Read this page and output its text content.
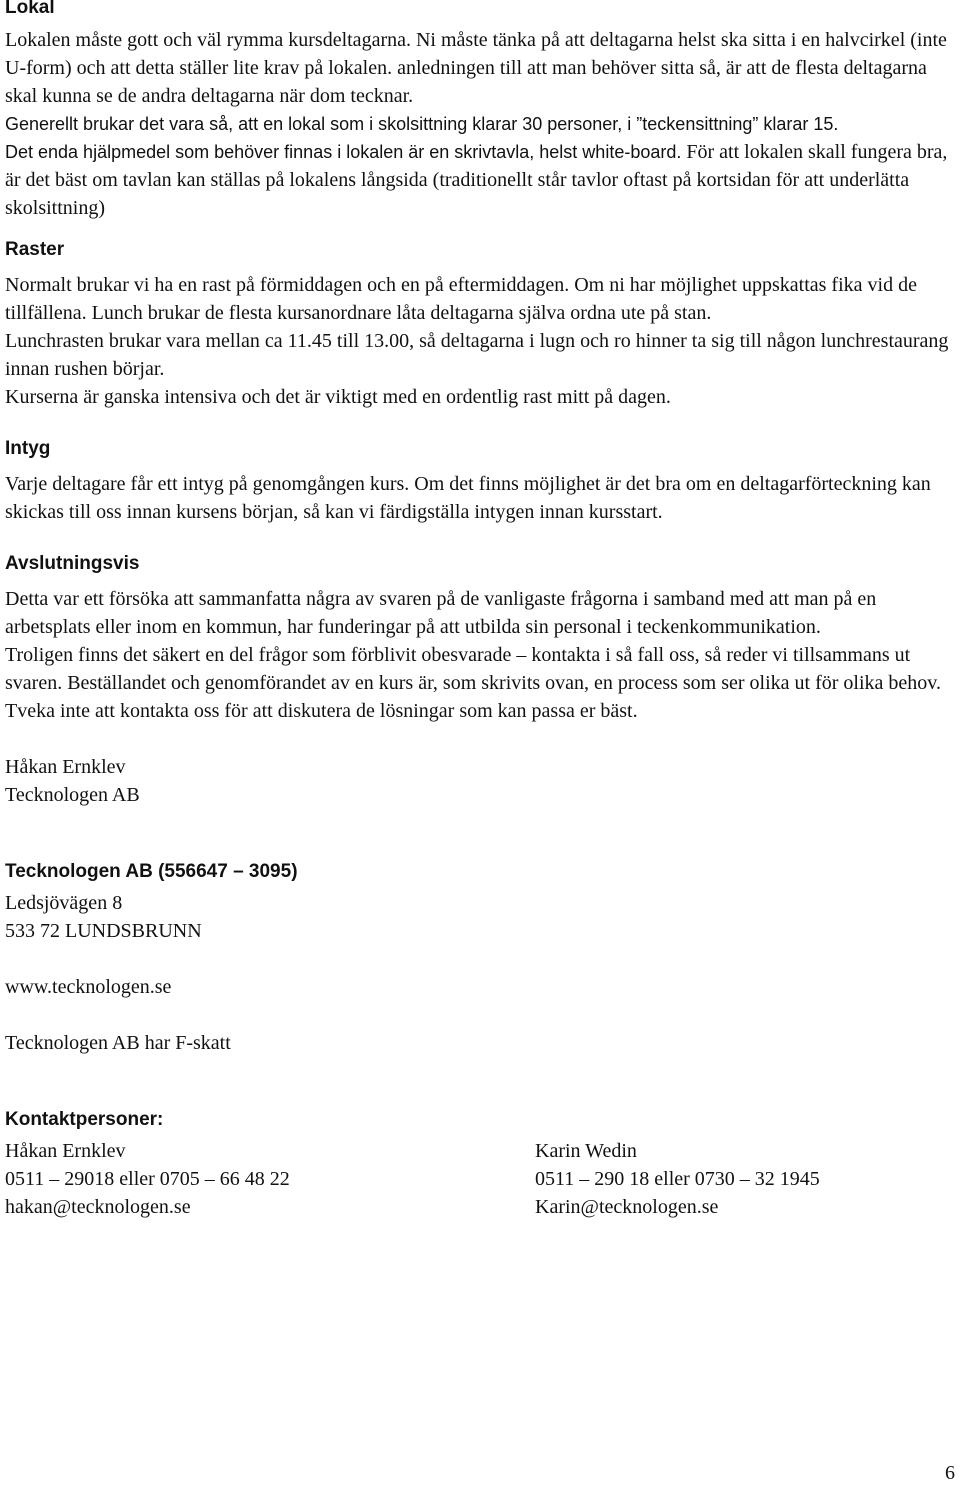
Lokal

Lokalen måste gott och väl rymma kursdeltagarna. Ni måste tänka på att deltagarna helst ska sitta i en halvcirkel (inte U-form) och att detta ställer lite krav på lokalen. anledningen till att man behöver sitta så, är att de flesta deltagarna skal kunna se de andra deltagarna när dom tecknar.

Generellt brukar det vara så, att en lokal som i skolsittning klarar 30 personer, i ”teckensittning” klarar 15.

Det enda hjälpmedel som behöver finnas i lokalen är en skrivtavla, helst white-board. För att lokalen skall fungera bra, är det bäst om tavlan kan ställas på lokalens långsida (traditionellt står tavlor oftast på kortsidan för att underlätta skolsittning)

Raster

Normalt brukar vi ha en rast på förmiddagen och en på eftermiddagen. Om ni har möjlighet uppskattas fika vid de tillfällena. Lunch brukar de flesta kursanordnare låta deltagarna själva ordna ute på stan.

Lunchrasten brukar vara mellan ca 11.45 till 13.00, så deltagarna i lugn och ro hinner ta sig till någon lunchrestaurang innan rushen börjar.

Kurserna är ganska intensiva och det är viktigt med en ordentlig rast mitt på dagen.

Intyg

Varje deltagare får ett intyg på genomgången kurs. Om det finns möjlighet är det bra om en deltagarförteckning kan skickas till oss innan kursens början, så kan vi färdigställa intygen innan kursstart.

Avslutningsvis

Detta var ett försöka att sammanfatta några av svaren på de vanligaste frågorna i samband med att man på en arbetsplats eller inom en kommun, har funderingar på att utbilda sin personal i teckenkommunikation.

Troligen finns det säkert en del frågor som förblivit obesvarade – kontakta i så fall oss, så reder vi tillsammans ut svaren. Beställandet och genomförandet av en kurs är, som skrivits ovan, en process som ser olika ut för olika behov. Tveka inte att kontakta oss för att diskutera de lösningar som kan passa er bäst.

Håkan Ernklev

Tecknologen AB

Tecknologen AB (556647 – 3095)

Ledsjövägen 8

533 72 LUNDSBRUNN

www.tecknologen.se

Tecknologen AB har F-skatt

Kontaktpersoner:

Håkan Ernklev

0511 – 29018 eller 0705 – 66 48 22

hakan@tecknologen.se

Karin Wedin

0511 – 290 18 eller 0730 – 32 1945

Karin@tecknologen.se

6
